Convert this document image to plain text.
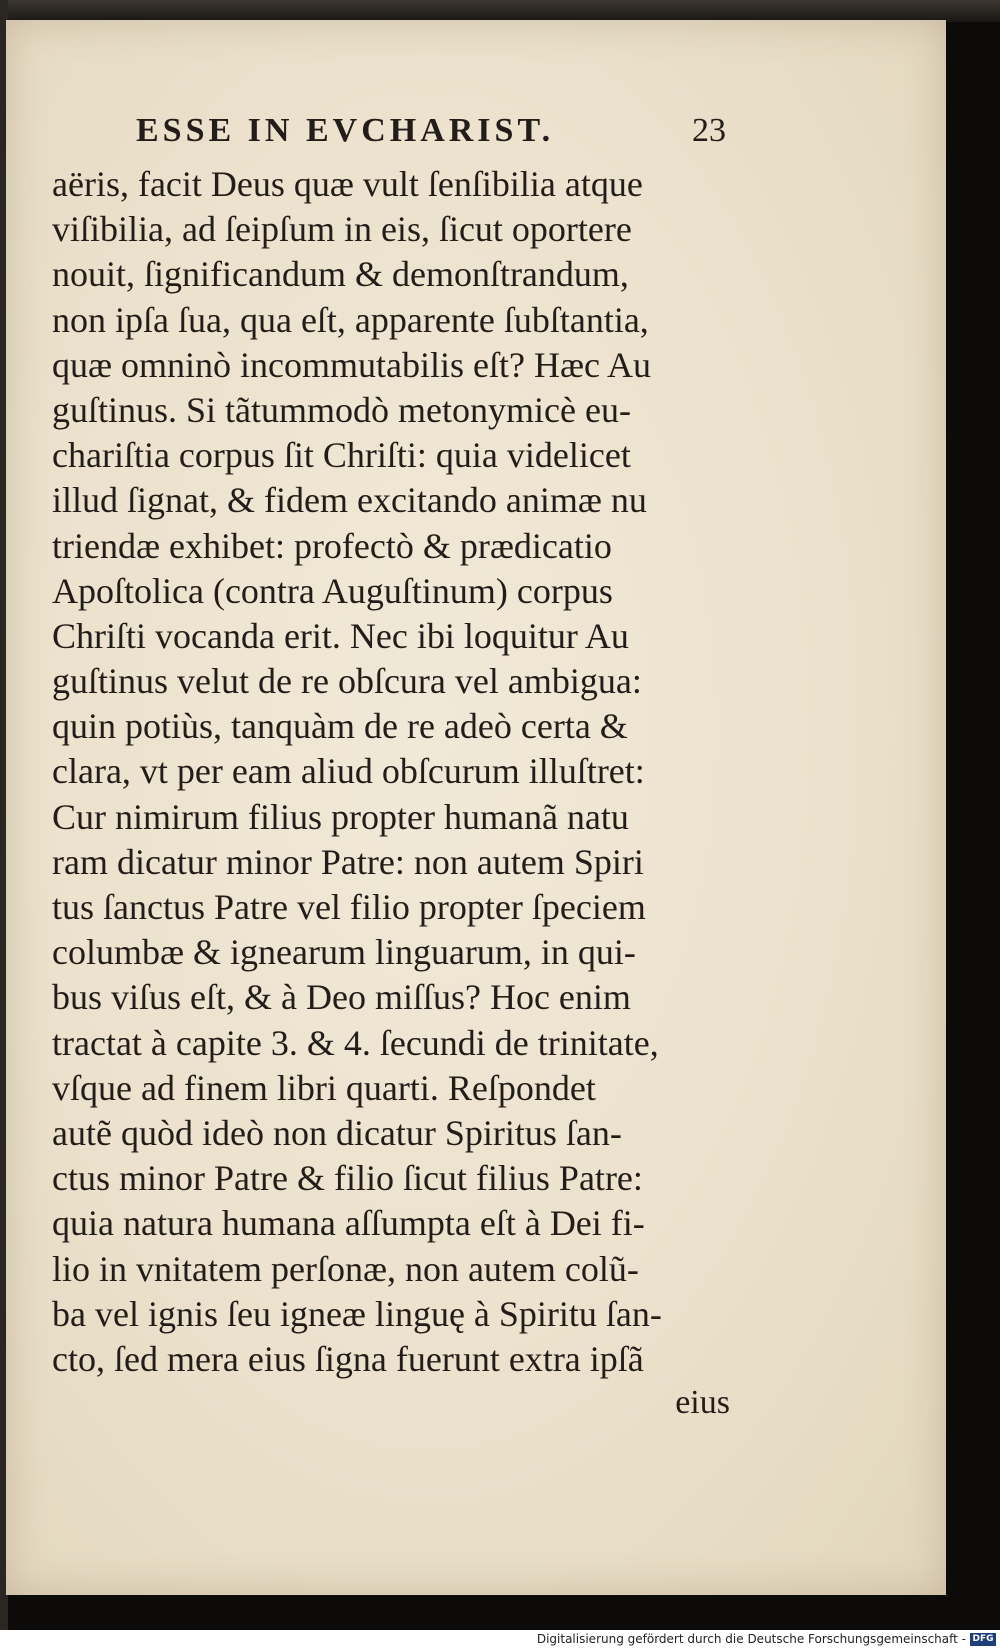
ESSE IN EVCHARIST.	23
aëris, facit Deus quæ vult ſenſibilia atque
viſibilia, ad ſeipſum in eis, ſicut oportere
nouit, ſignificandum & demonſtrandum,
non ipſa ſua, qua eſt, apparente ſubſtantia,
quæ omninò incommutabilis eſt? Hæc Au
guſtinus. Si tãtummodò metonymicè eu-
chariſtia corpus ſit Chriſti: quia videlicet
illud ſignat, & fidem excitando animæ nu
triendæ exhibet: profectò & prædicatio
Apoſtolica (contra Auguſtinum) corpus
Chriſti vocanda erit. Nec ibi loquitur Au
guſtinus velut de re obſcura vel ambigua:
quin potiùs, tanquàm de re adeò certa &
clara, vt per eam aliud obſcurum illuſtret:
Cur nimirum filius propter humanã natu
ram dicatur minor Patre: non autem Spiri
tus ſanctus Patre vel filio propter ſpeciem
columbæ & ignearum linguarum, in qui-
bus viſus eſt, & à Deo miſſus? Hoc enim
tractat à capite 3. & 4. ſecundi de trinitate,
vſque ad finem libri quarti. Reſpondet
autẽ quòd ideò non dicatur Spiritus ſan-
ctus minor Patre & filio ſicut filius Patre:
quia natura humana aſſumpta eſt à Dei fi-
lio in vnitatem perſonæ, non autem colũ-
ba vel ignis ſeu igneæ linguę à Spiritu ſan-
cto, ſed mera eius ſigna fuerunt extra ipſã
eius
Digitalisierung gefördert durch die Deutsche Forschungsgemeinschaft - DFG
